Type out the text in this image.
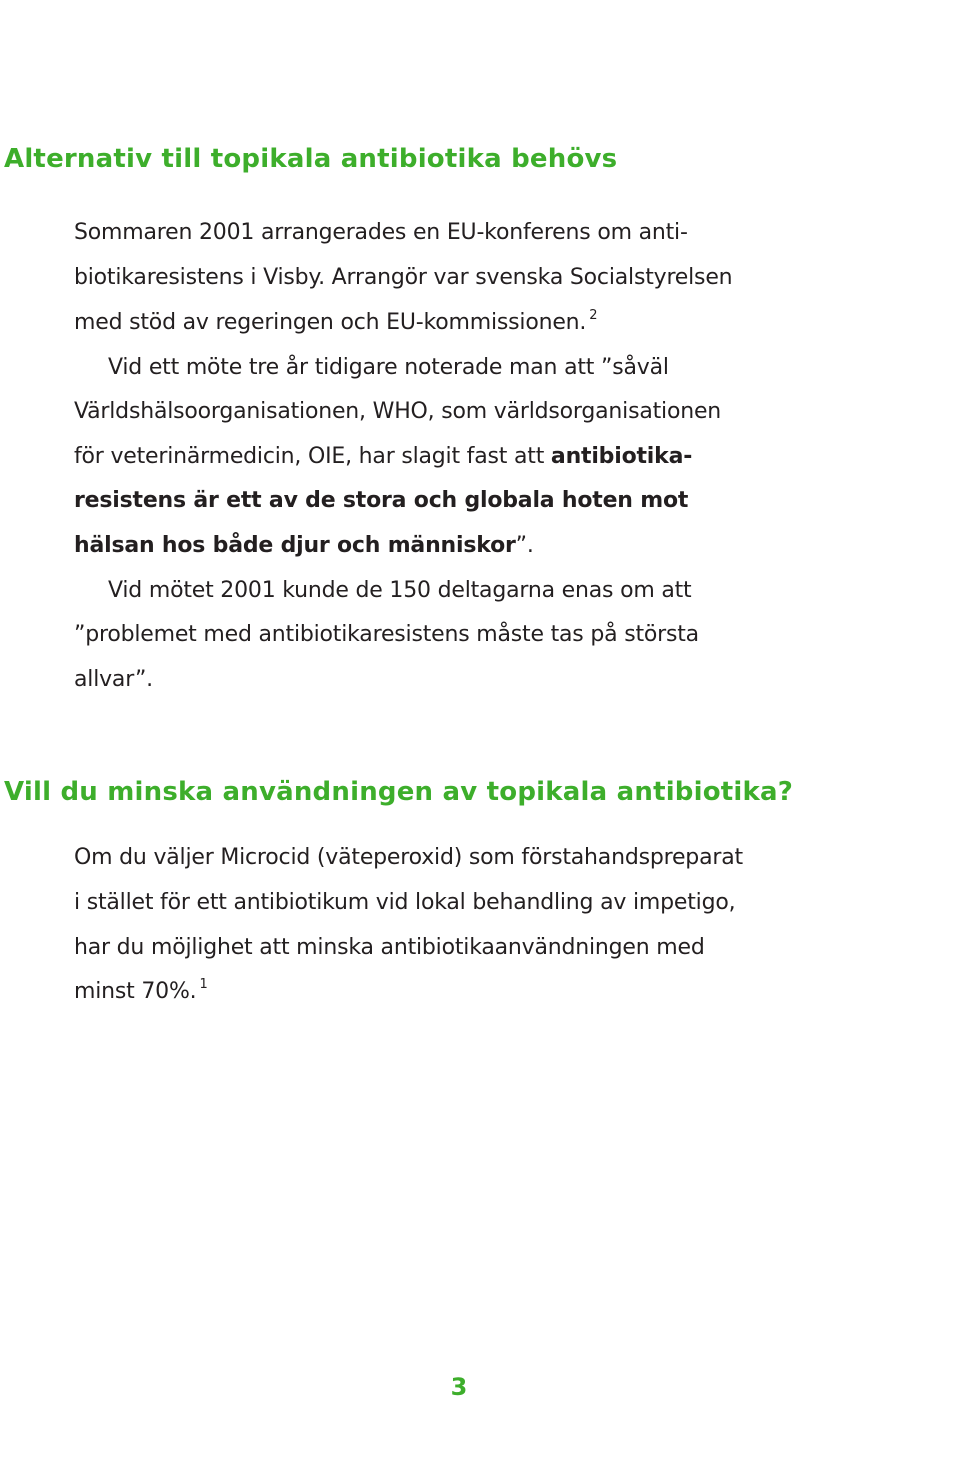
Alternativ till topikala antibiotika behövs

Sommaren 2001 arrangerades en EU-konferens om anti-

biotikaresistens i Visby. Arrangör var svenska Socialstyrelsen

med stöd av regeringen och EU-kommissionen. $^2$

Vid ett möte tre år tidigare noterade man att ”såväl

Världshälsoorganisationen, WHO, som världsorganisationen

för veterinärmedicin, OIE, har slagit fast att antibiotika-

resistens är ett av de stora och globala hoten mot

hälsan hos både djur och människor”.

Vid mötet 2001 kunde de 150 deltagarna enas om att

”problemet med antibiotikaresistens måste tas på största

allvar”.

Vill du minska användningen av topikala antibiotika?

Om du väljer Microcid (väteperoxid) som förstahandspreparat

i stället för ett antibiotikum vid lokal behandling av impetigo,

har du möjlighet att minska antibiotikaanvändningen med

minst 70%. $^1$

3
